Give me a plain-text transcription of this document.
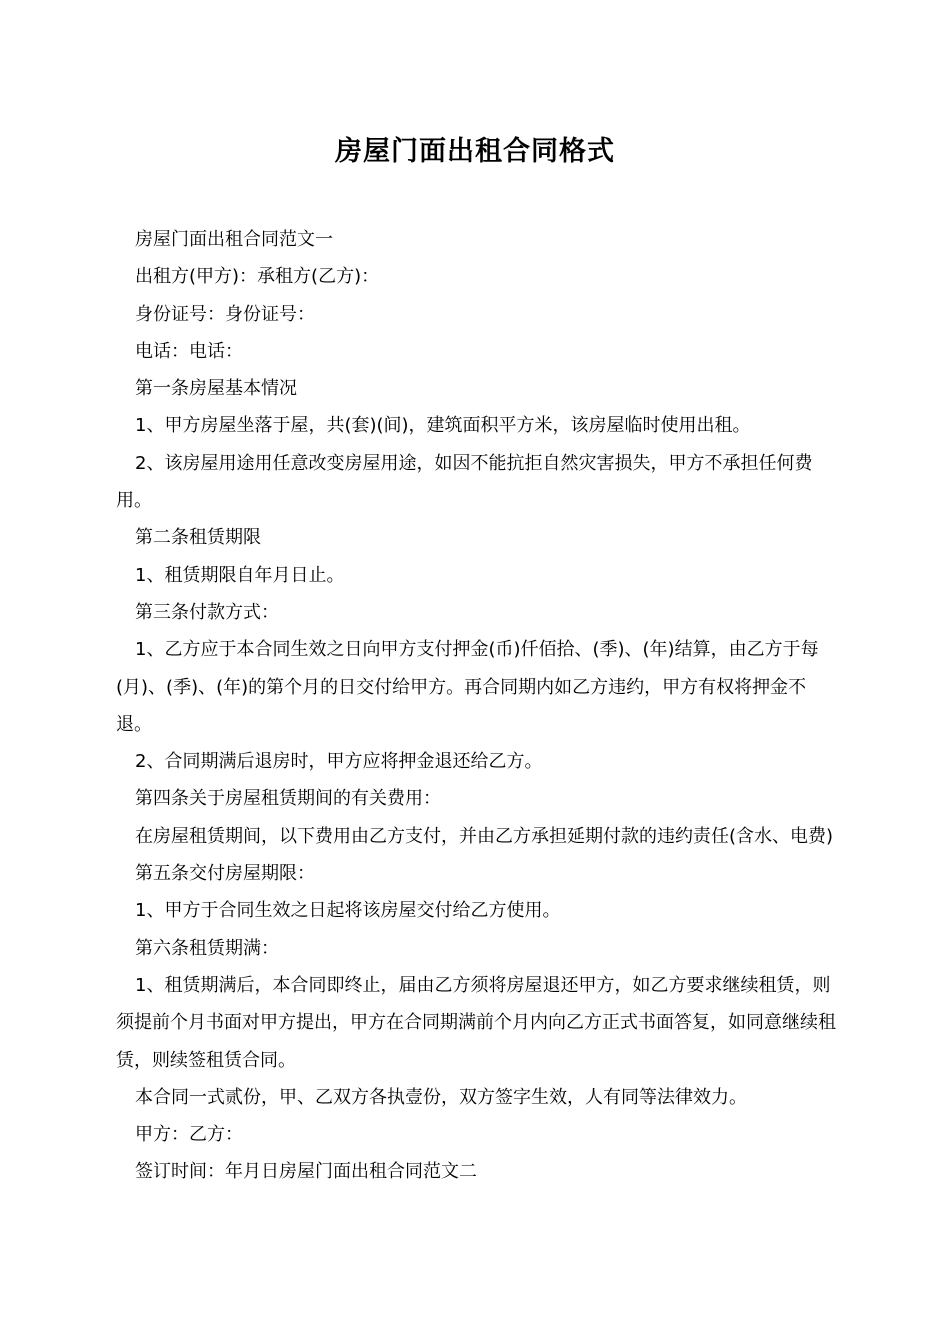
房屋门面出租合同格式

房屋门面出租合同范文一

出租方(甲方)：承租方(乙方)：

身份证号：身份证号：

电话：电话：

第一条房屋基本情况

1、甲方房屋坐落于屋，共(套)(间)，建筑面积平方米，该房屋临时使用出租。

2、该房屋用途用任意改变房屋用途，如因不能抗拒自然灾害损失，甲方不承担任何费用。

第二条租赁期限

1、租赁期限自年月日止。

第三条付款方式：

1、乙方应于本合同生效之日向甲方支付押金(币)仟佰拾、(季)、(年)结算，由乙方于每(月)、(季)、(年)的第个月的日交付给甲方。再合同期内如乙方违约，甲方有权将押金不退。

2、合同期满后退房时，甲方应将押金退还给乙方。

第四条关于房屋租赁期间的有关费用：

在房屋租赁期间，以下费用由乙方支付，并由乙方承担延期付款的违约责任(含水、电费)

第五条交付房屋期限：

1、甲方于合同生效之日起将该房屋交付给乙方使用。

第六条租赁期满：

1、租赁期满后，本合同即终止，届由乙方须将房屋退还甲方，如乙方要求继续租赁，则须提前个月书面对甲方提出，甲方在合同期满前个月内向乙方正式书面答复，如同意继续租赁，则续签租赁合同。

本合同一式贰份，甲、乙双方各执壹份，双方签字生效，人有同等法律效力。

甲方：乙方：

签订时间：年月日房屋门面出租合同范文二
